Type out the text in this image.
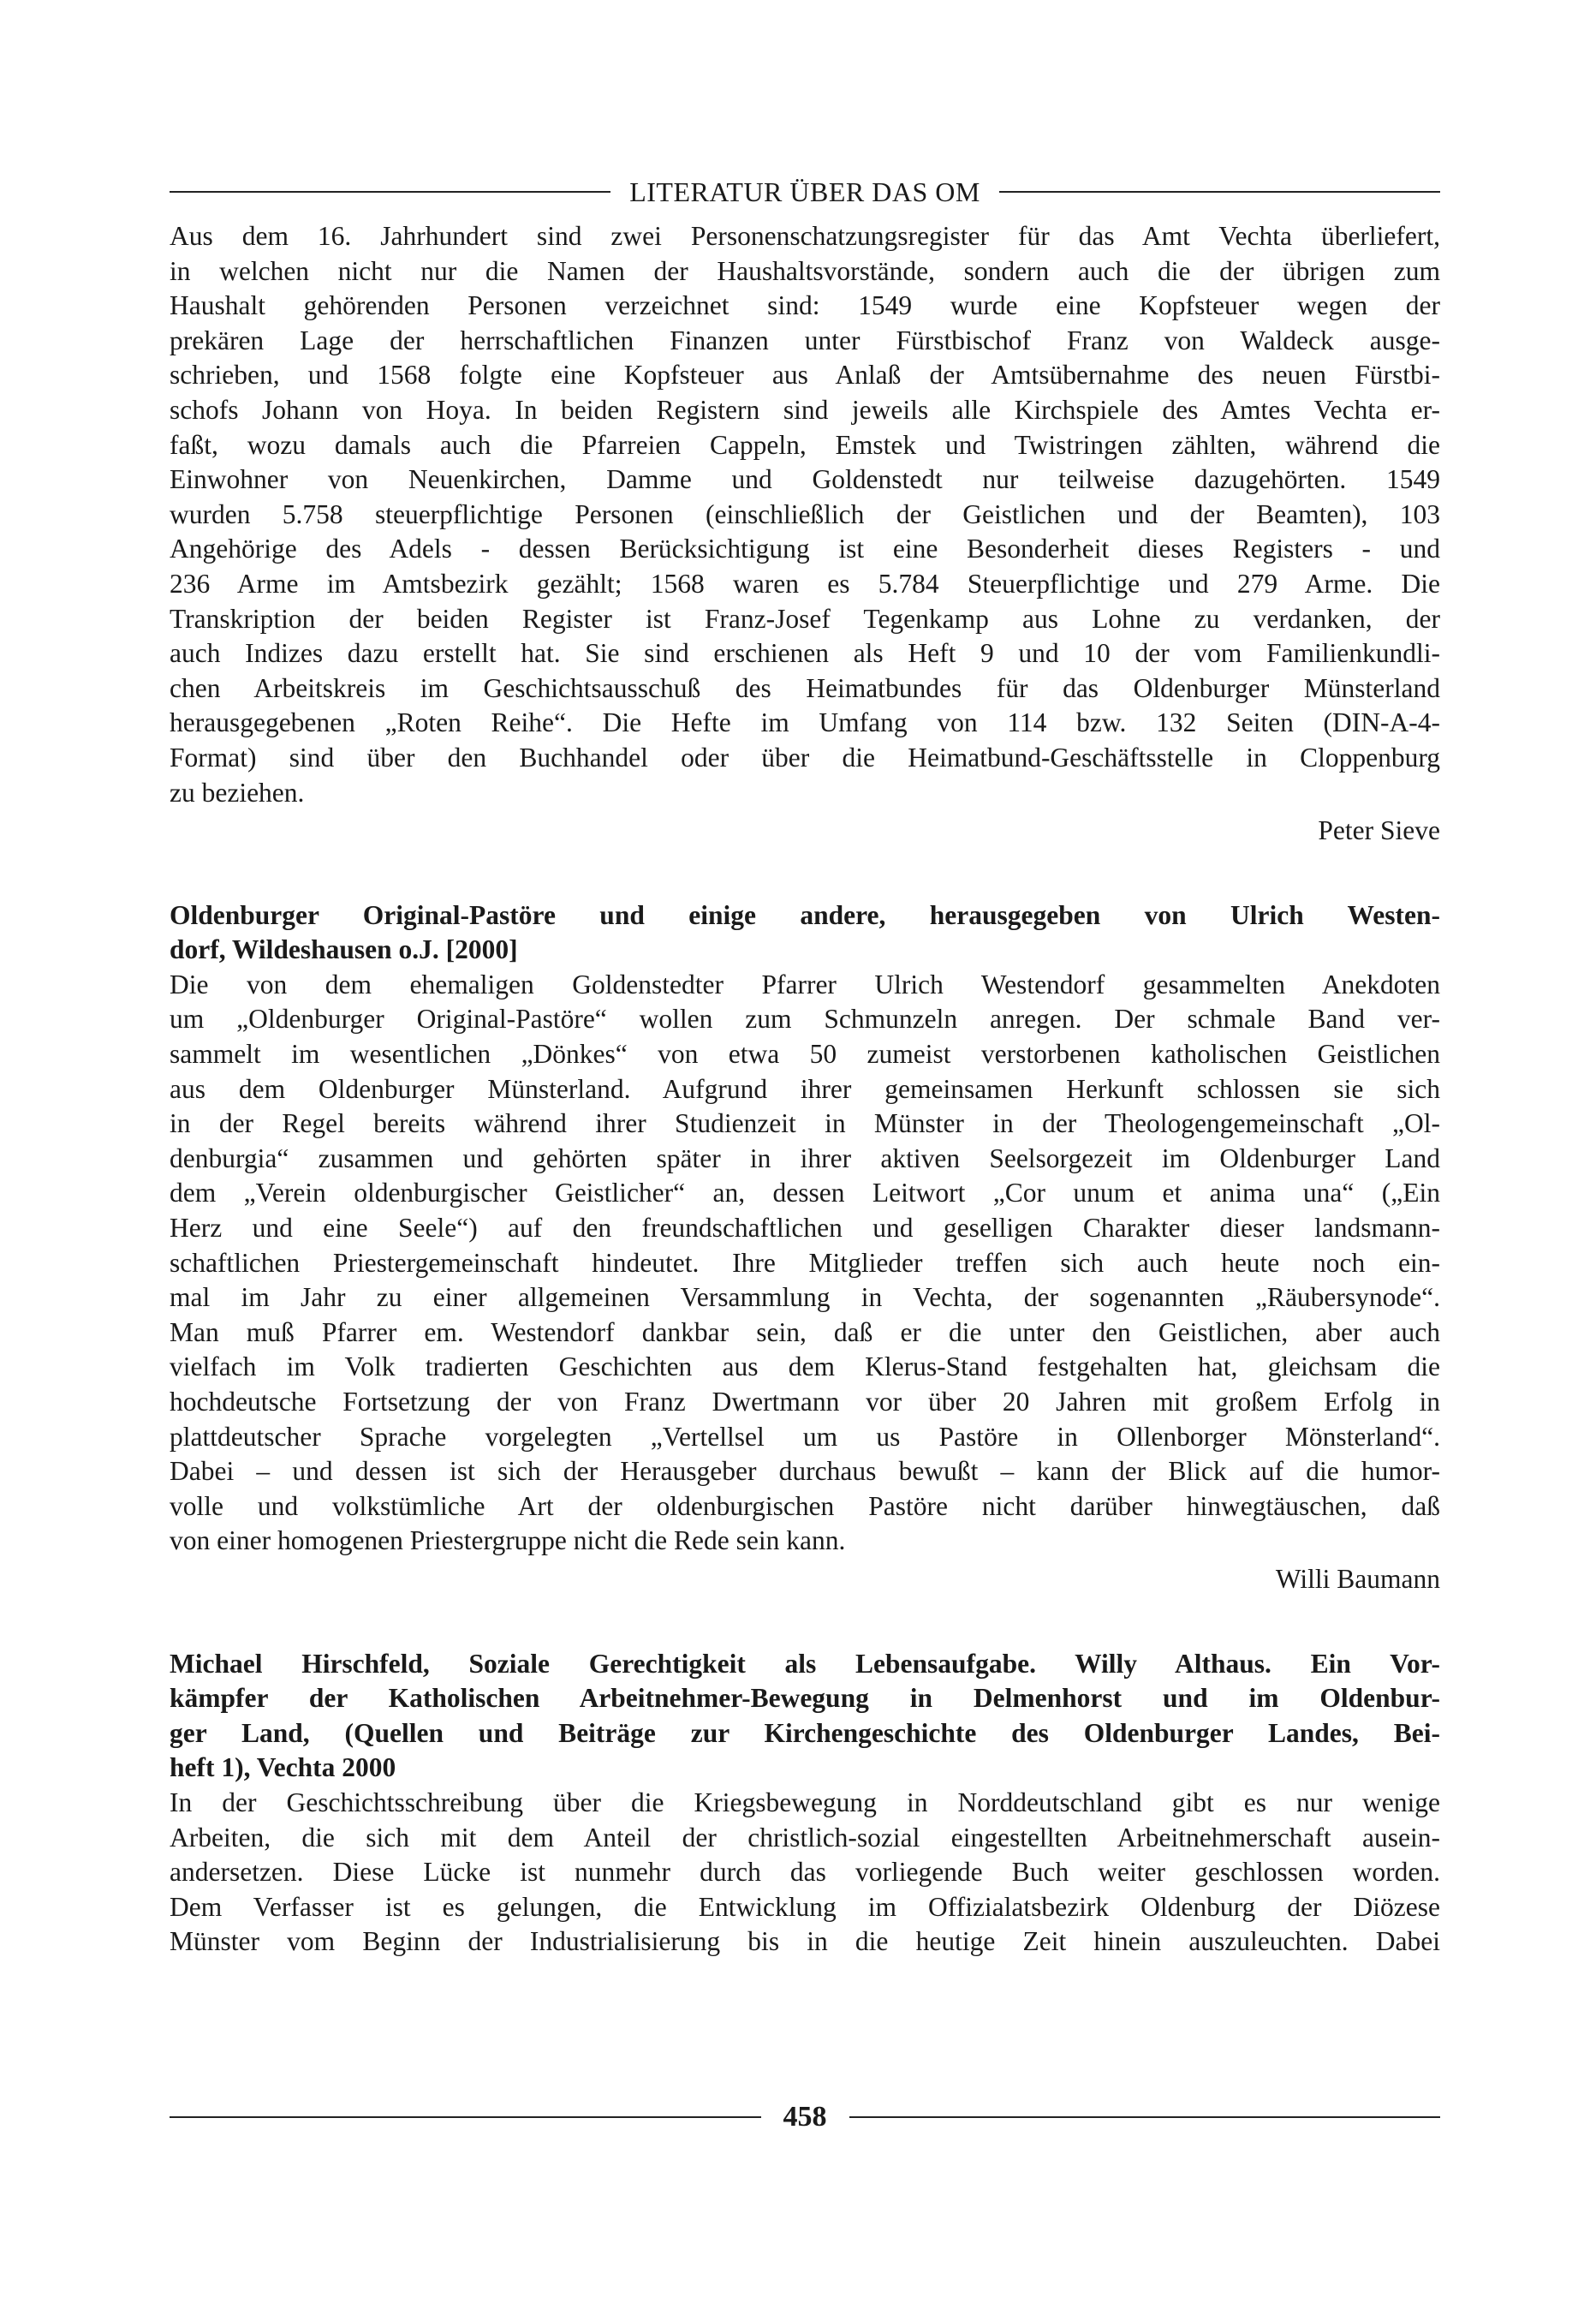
LITERATUR ÜBER DAS OM
Aus dem 16. Jahrhundert sind zwei Personenschatzungsregister für das Amt Vechta überliefert,
in welchen nicht nur die Namen der Haushaltsvorstände, sondern auch die der übrigen zum
Haushalt gehörenden Personen verzeichnet sind: 1549 wurde eine Kopfsteuer wegen der
prekären Lage der herrschaftlichen Finanzen unter Fürstbischof Franz von Waldeck ausge-
schrieben, und 1568 folgte eine Kopfsteuer aus Anlaß der Amtsübernahme des neuen Fürstbi-
schofs Johann von Hoya. In beiden Registern sind jeweils alle Kirchspiele des Amtes Vechta er-
faßt, wozu damals auch die Pfarreien Cappeln, Emstek und Twistringen zählten, während die
Einwohner von Neuenkirchen, Damme und Goldenstedt nur teilweise dazugehörten. 1549
wurden 5.758 steuerpflichtige Personen (einschließlich der Geistlichen und der Beamten), 103
Angehörige des Adels - dessen Berücksichtigung ist eine Besonderheit dieses Registers - und
236 Arme im Amtsbezirk gezählt; 1568 waren es 5.784 Steuerpflichtige und 279 Arme. Die
Transkription der beiden Register ist Franz-Josef Tegenkamp aus Lohne zu verdanken, der
auch Indizes dazu erstellt hat. Sie sind erschienen als Heft 9 und 10 der vom Familienkundli-
chen Arbeitskreis im Geschichtsausschuß des Heimatbundes für das Oldenburger Münsterland
herausgegebenen „Roten Reihe“. Die Hefte im Umfang von 114 bzw. 132 Seiten (DIN-A-4-
Format) sind über den Buchhandel oder über die Heimatbund-Geschäftsstelle in Cloppenburg
zu beziehen.
Peter Sieve
Oldenburger Original-Pastöre und einige andere, herausgegeben von Ulrich Westen-
dorf, Wildeshausen o.J. [2000]
Die von dem ehemaligen Goldenstedter Pfarrer Ulrich Westendorf gesammelten Anekdoten
um „Oldenburger Original-Pastöre“ wollen zum Schmunzeln anregen. Der schmale Band ver-
sammelt im wesentlichen „Dönkes“ von etwa 50 zumeist verstorbenen katholischen Geistlichen
aus dem Oldenburger Münsterland. Aufgrund ihrer gemeinsamen Herkunft schlossen sie sich
in der Regel bereits während ihrer Studienzeit in Münster in der Theologengemeinschaft „Ol-
denburgia“ zusammen und gehörten später in ihrer aktiven Seelsorgezeit im Oldenburger Land
dem „Verein oldenburgischer Geistlicher“ an, dessen Leitwort „Cor unum et anima una“ („Ein
Herz und eine Seele“) auf den freundschaftlichen und geselligen Charakter dieser landsmann-
schaftlichen Priestergemeinschaft hindeutet. Ihre Mitglieder treffen sich auch heute noch ein-
mal im Jahr zu einer allgemeinen Versammlung in Vechta, der sogenannten „Räubersynode“.
Man muß Pfarrer em. Westendorf dankbar sein, daß er die unter den Geistlichen, aber auch
vielfach im Volk tradierten Geschichten aus dem Klerus-Stand festgehalten hat, gleichsam die
hochdeutsche Fortsetzung der von Franz Dwertmann vor über 20 Jahren mit großem Erfolg in
plattdeutscher Sprache vorgelegten „Vertellsel um us Pastöre in Ollenborger Mönsterland“.
Dabei – und dessen ist sich der Herausgeber durchaus bewußt – kann der Blick auf die humor-
volle und volkstümliche Art der oldenburgischen Pastöre nicht darüber hinwegtäuschen, daß
von einer homogenen Priestergruppe nicht die Rede sein kann.
Willi Baumann
Michael Hirschfeld, Soziale Gerechtigkeit als Lebensaufgabe. Willy Althaus. Ein Vor-
kämpfer der Katholischen Arbeitnehmer-Bewegung in Delmenhorst und im Oldenbur-
ger Land, (Quellen und Beiträge zur Kirchengeschichte des Oldenburger Landes, Bei-
heft 1), Vechta 2000
In der Geschichtsschreibung über die Kriegsbewegung in Norddeutschland gibt es nur wenige
Arbeiten, die sich mit dem Anteil der christlich-sozial eingestellten Arbeitnehmerschaft ausein-
andersetzen. Diese Lücke ist nunmehr durch das vorliegende Buch weiter geschlossen worden.
Dem Verfasser ist es gelungen, die Entwicklung im Offizialatsbezirk Oldenburg der Diözese
Münster vom Beginn der Industrialisierung bis in die heutige Zeit hinein auszuleuchten. Dabei
458
